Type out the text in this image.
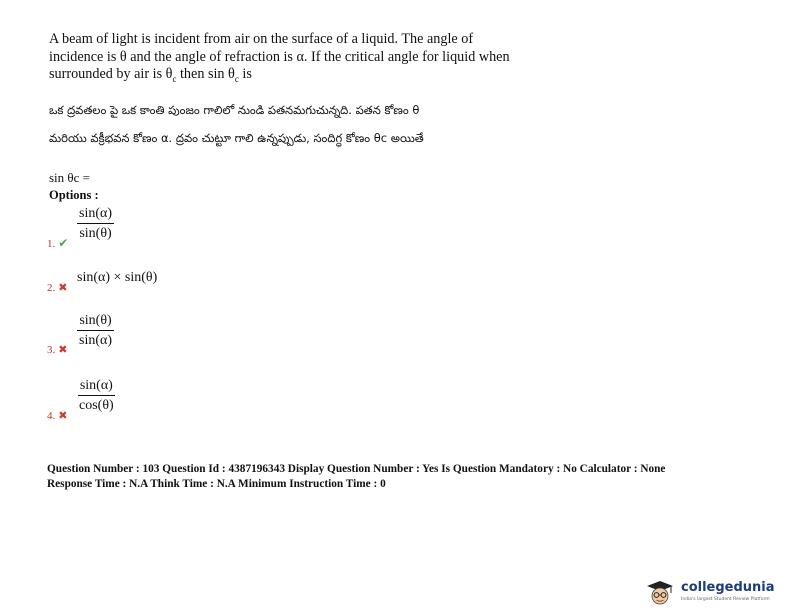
A beam of light is incident from air on the surface of a liquid. The angle of
incidence is θ and the angle of refraction is α. If the critical angle for liquid when
surrounded by air is $\theta_c$ then $\sin \theta_c$ is
ఒక ద్రవతలం పై ఒక కాంతి పుంజం గాలిలో నుండి పతనమగుచున్నది. పతన కోణం θ
మరియు వక్రీభవన కోణం α. ద్రవం చుట్టూ గాలి ఉన్నప్పుడు, సందిగ్ధ కోణం θc అయితే
sin θc =
Options :
$\frac{\sin(\alpha)}{\sin(\theta)}$
1. ✔
sin(α) × sin(θ)
2. ✖
$\frac{\sin(\theta)}{\sin(\alpha)}$
3. ✖
$\frac{\sin(\alpha)}{\cos(\theta)}$
4. ✖
Question Number : 103 Question Id : 4387196343 Display Question Number : Yes Is Question Mandatory : No Calculator : None
Response Time : N.A Think Time : N.A Minimum Instruction Time : 0
collegedunia
India's largest Student Review Platform
